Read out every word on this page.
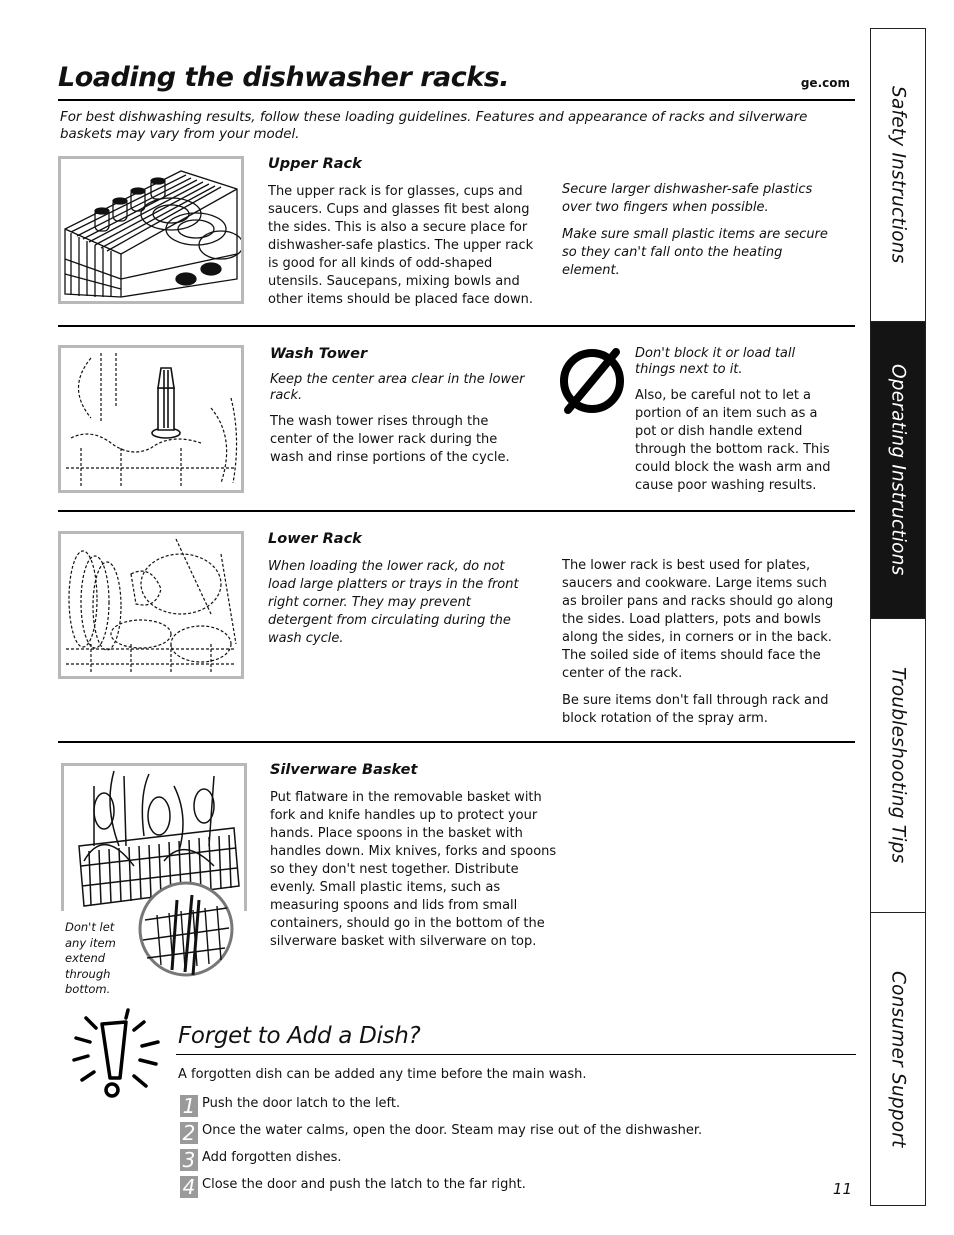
Loading the dishwasher racks.	ge.com
For best dishwashing results, follow these loading guidelines. Features and appearance of racks and silverware baskets may vary from your model.
Upper Rack
The upper rack is for glasses, cups and saucers. Cups and glasses fit best along the sides. This is also a secure place for dishwasher-safe plastics. The upper rack is good for all kinds of odd-shaped utensils. Saucepans, mixing bowls and other items should be placed face down.
Secure larger dishwasher-safe plastics over two fingers when possible.
Make sure small plastic items are secure so they can't fall onto the heating element.
Wash Tower
Keep the center area clear in the lower rack.
The wash tower rises through the center of the lower rack during the wash and rinse portions of the cycle.
Don't block it or load tall things next to it.
Also, be careful not to let a portion of an item such as a pot or dish handle extend through the bottom rack. This could block the wash arm and cause poor washing results.
Lower Rack
When loading the lower rack, do not load large platters or trays in the front right corner. They may prevent detergent from circulating during the wash cycle.
The lower rack is best used for plates, saucers and cookware. Large items such as broiler pans and racks should go along the sides. Load platters, pots and bowls along the sides, in corners or in the back. The soiled side of items should face the center of the rack.
Be sure items don't fall through rack and block rotation of the spray arm.
Don't let any item extend through bottom.
Silverware Basket
Put flatware in the removable basket with fork and knife handles up to protect your hands. Place spoons in the basket with handles down. Mix knives, forks and spoons so they don't nest together. Distribute evenly. Small plastic items, such as measuring spoons and lids from small containers, should go in the bottom of the silverware basket with silverware on top.
Forget to Add a Dish?
A forgotten dish can be added any time before the main wash.
1 Push the door latch to the left.
2 Once the water calms, open the door. Steam may rise out of the dishwasher.
3 Add forgotten dishes.
4 Close the door and push the latch to the far right.	11
Safety Instructions
Operating Instructions
Troubleshooting Tips
Consumer Support
